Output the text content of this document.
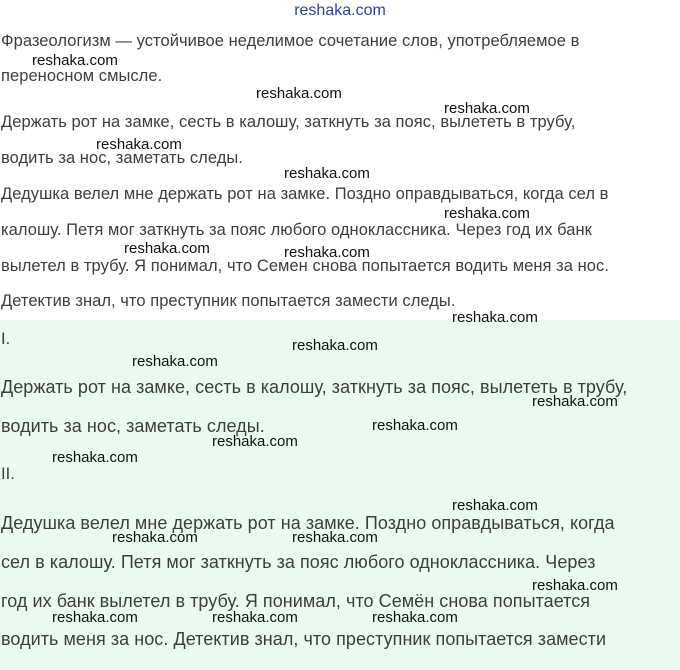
reshaka.com
Фразеологизм — устойчивое неделимое сочетание слов, употребляемое в
переносном смысле.
Держать рот на замке, сесть в калошу, заткнуть за пояс, вылететь в трубу,
водить за нос, заметать следы.
Дедушка велел мне держать рот на замке. Поздно оправдываться, когда сел в
калошу. Петя мог заткнуть за пояс любого одноклассника. Через год их банк
вылетел в трубу. Я понимал, что Семен снова попытается водить меня за нос.
Детектив знал, что преступник попытается замести следы.
I.
Держать рот на замке, сесть в калошу, заткнуть за пояс, вылететь в трубу,
водить за нос, заметать следы.
II.
Дедушка велел мне держать рот на замке. Поздно оправдываться, когда
сел в калошу. Петя мог заткнуть за пояс любого одноклассника. Через
год их банк вылетел в трубу. Я понимал, что Семён снова попытается
водить меня за нос. Детектив знал, что преступник попытается замести
reshaka.com
reshaka.com
reshaka.com
reshaka.com
reshaka.com
reshaka.com
reshaka.com	reshaka.com
reshaka.com
reshaka.com
reshaka.com
reshaka.com
reshaka.com
reshaka.com
reshaka.com
reshaka.com
reshaka.com	reshaka.com
reshaka.com
reshaka.com	reshaka.com	reshaka.com
